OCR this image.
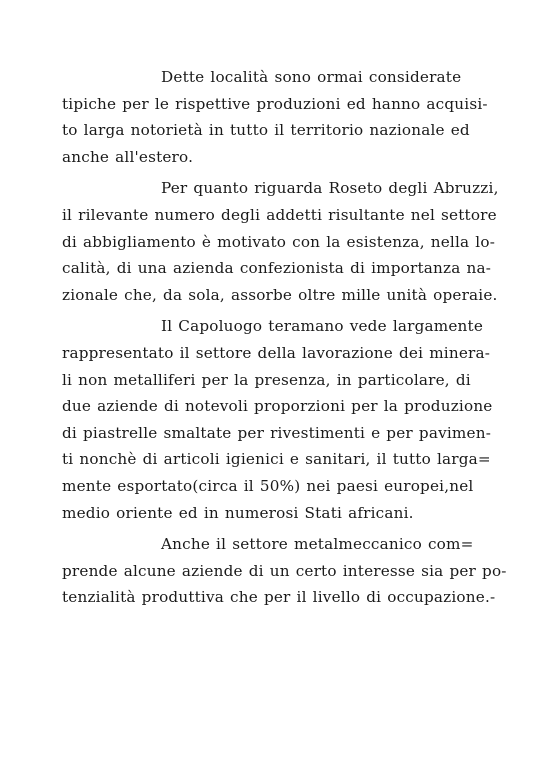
Dette località sono ormai considerate
tipiche per le rispettive produzioni ed hanno acquisi-
to larga notorietà in tutto il territorio nazionale ed
anche all'estero.
Per quanto riguarda Roseto degli Abruzzi,
il rilevante numero degli addetti risultante nel settore
di abbigliamento è motivato con la esistenza, nella lo-
calità, di una azienda confezionista di importanza na-
zionale che, da sola, assorbe oltre mille unità operaie.
Il Capoluogo teramano vede largamente
rappresentato il settore della lavorazione dei minera-
li non metalliferi per la presenza, in particolare, di
due aziende di notevoli proporzioni per la produzione
di piastrelle smaltate per rivestimenti e per pavimen-
ti nonchè di articoli igienici e sanitari, il tutto larga=
mente esportato(circa il 50%) nei paesi europei,nel
medio oriente ed in numerosi Stati africani.
Anche il settore metalmeccanico com=
prende alcune aziende di un certo interesse sia per po-
tenzialità produttiva che per il livello di occupazione.-
